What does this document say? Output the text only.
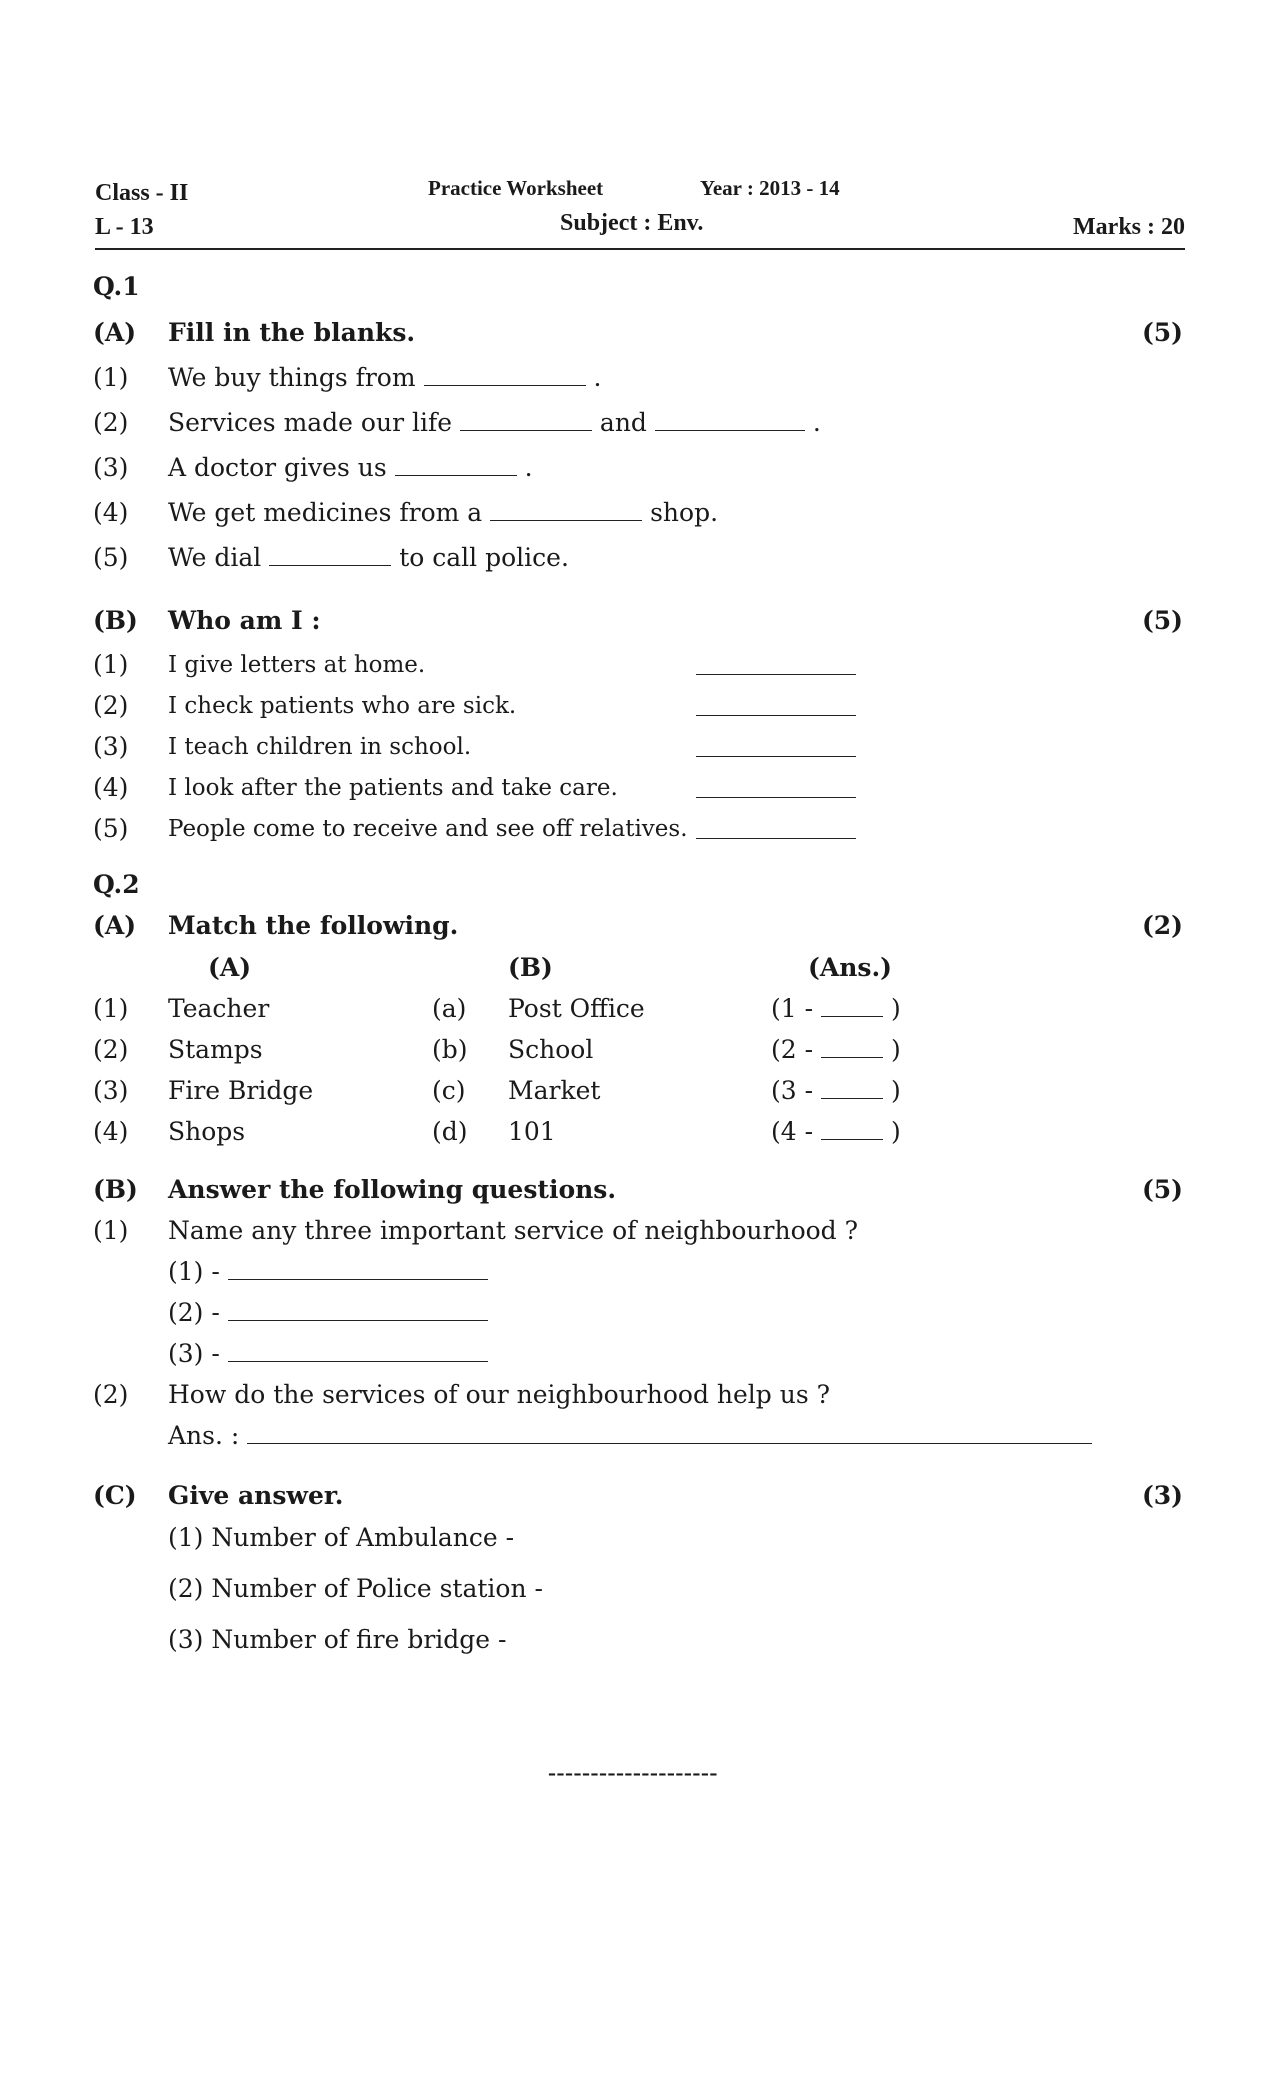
Class - II
L - 13
Practice Worksheet	Year : 2013 - 14
Subject : Env.	Marks : 20
Q.1
(A) Fill in the blanks.	(5)
(1) We buy things from	.
(2) Services made our life	and	.
(3) A doctor gives us	.
(4) We get medicines from a	shop.
(5) We dial	to call police.
(B) Who am I :	(5)
(1) I give letters at home.
(2) I check patients who are sick.
(3) I teach children in school.
(4) I look after the patients and take care.
(5) People come to receive and see off relatives.
Q.2
(A) Match the following.	(2)
(A)	(B)	(Ans.)
(1) Teacher	(a) Post Office	(1 -	)
(2) Stamps	(b) School	(2 -	)
(3) Fire Bridge	(c) Market	(3 -	)
(4) Shops	(d) 101	(4 -	)
(B) Answer the following questions.	(5)
(1) Name any three important service of neighbourhood ?
(1) -
(2) -
(3) -
(2) How do the services of our neighbourhood help us ?
Ans. :
(C) Give answer.	(3)
(1) Number of Ambulance -
(2) Number of Police station -
(3) Number of fire bridge -
--------------------
